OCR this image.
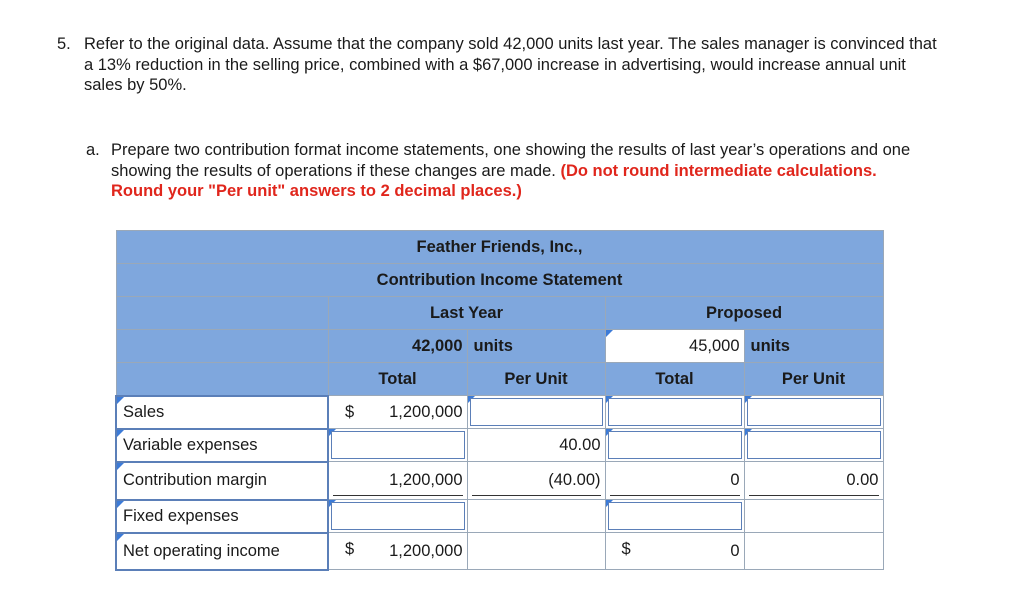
5. Refer to the original data. Assume that the company sold 42,000 units last year. The sales manager is convinced that a 13% reduction in the selling price, combined with a $67,000 increase in advertising, would increase annual unit sales by 50%.
a. Prepare two contribution format income statements, one showing the results of last year’s operations and one showing the results of operations if these changes are made. (Do not round intermediate calculations. Round your "Per unit" answers to 2 decimal places.)
Feather Friends, Inc.,				
Contribution Income Statement				
	Last Year		Proposed	
	42,000	units	45,000	units
	Total	Per Unit	Total	Per Unit

Sales	$ 1,200,000	

Variable expenses		40.00	

Contribution margin	1,200,000	(40.00)	0	0.00

Fixed expenses	

Net operating income	$ 1,200,000		$ 0	
